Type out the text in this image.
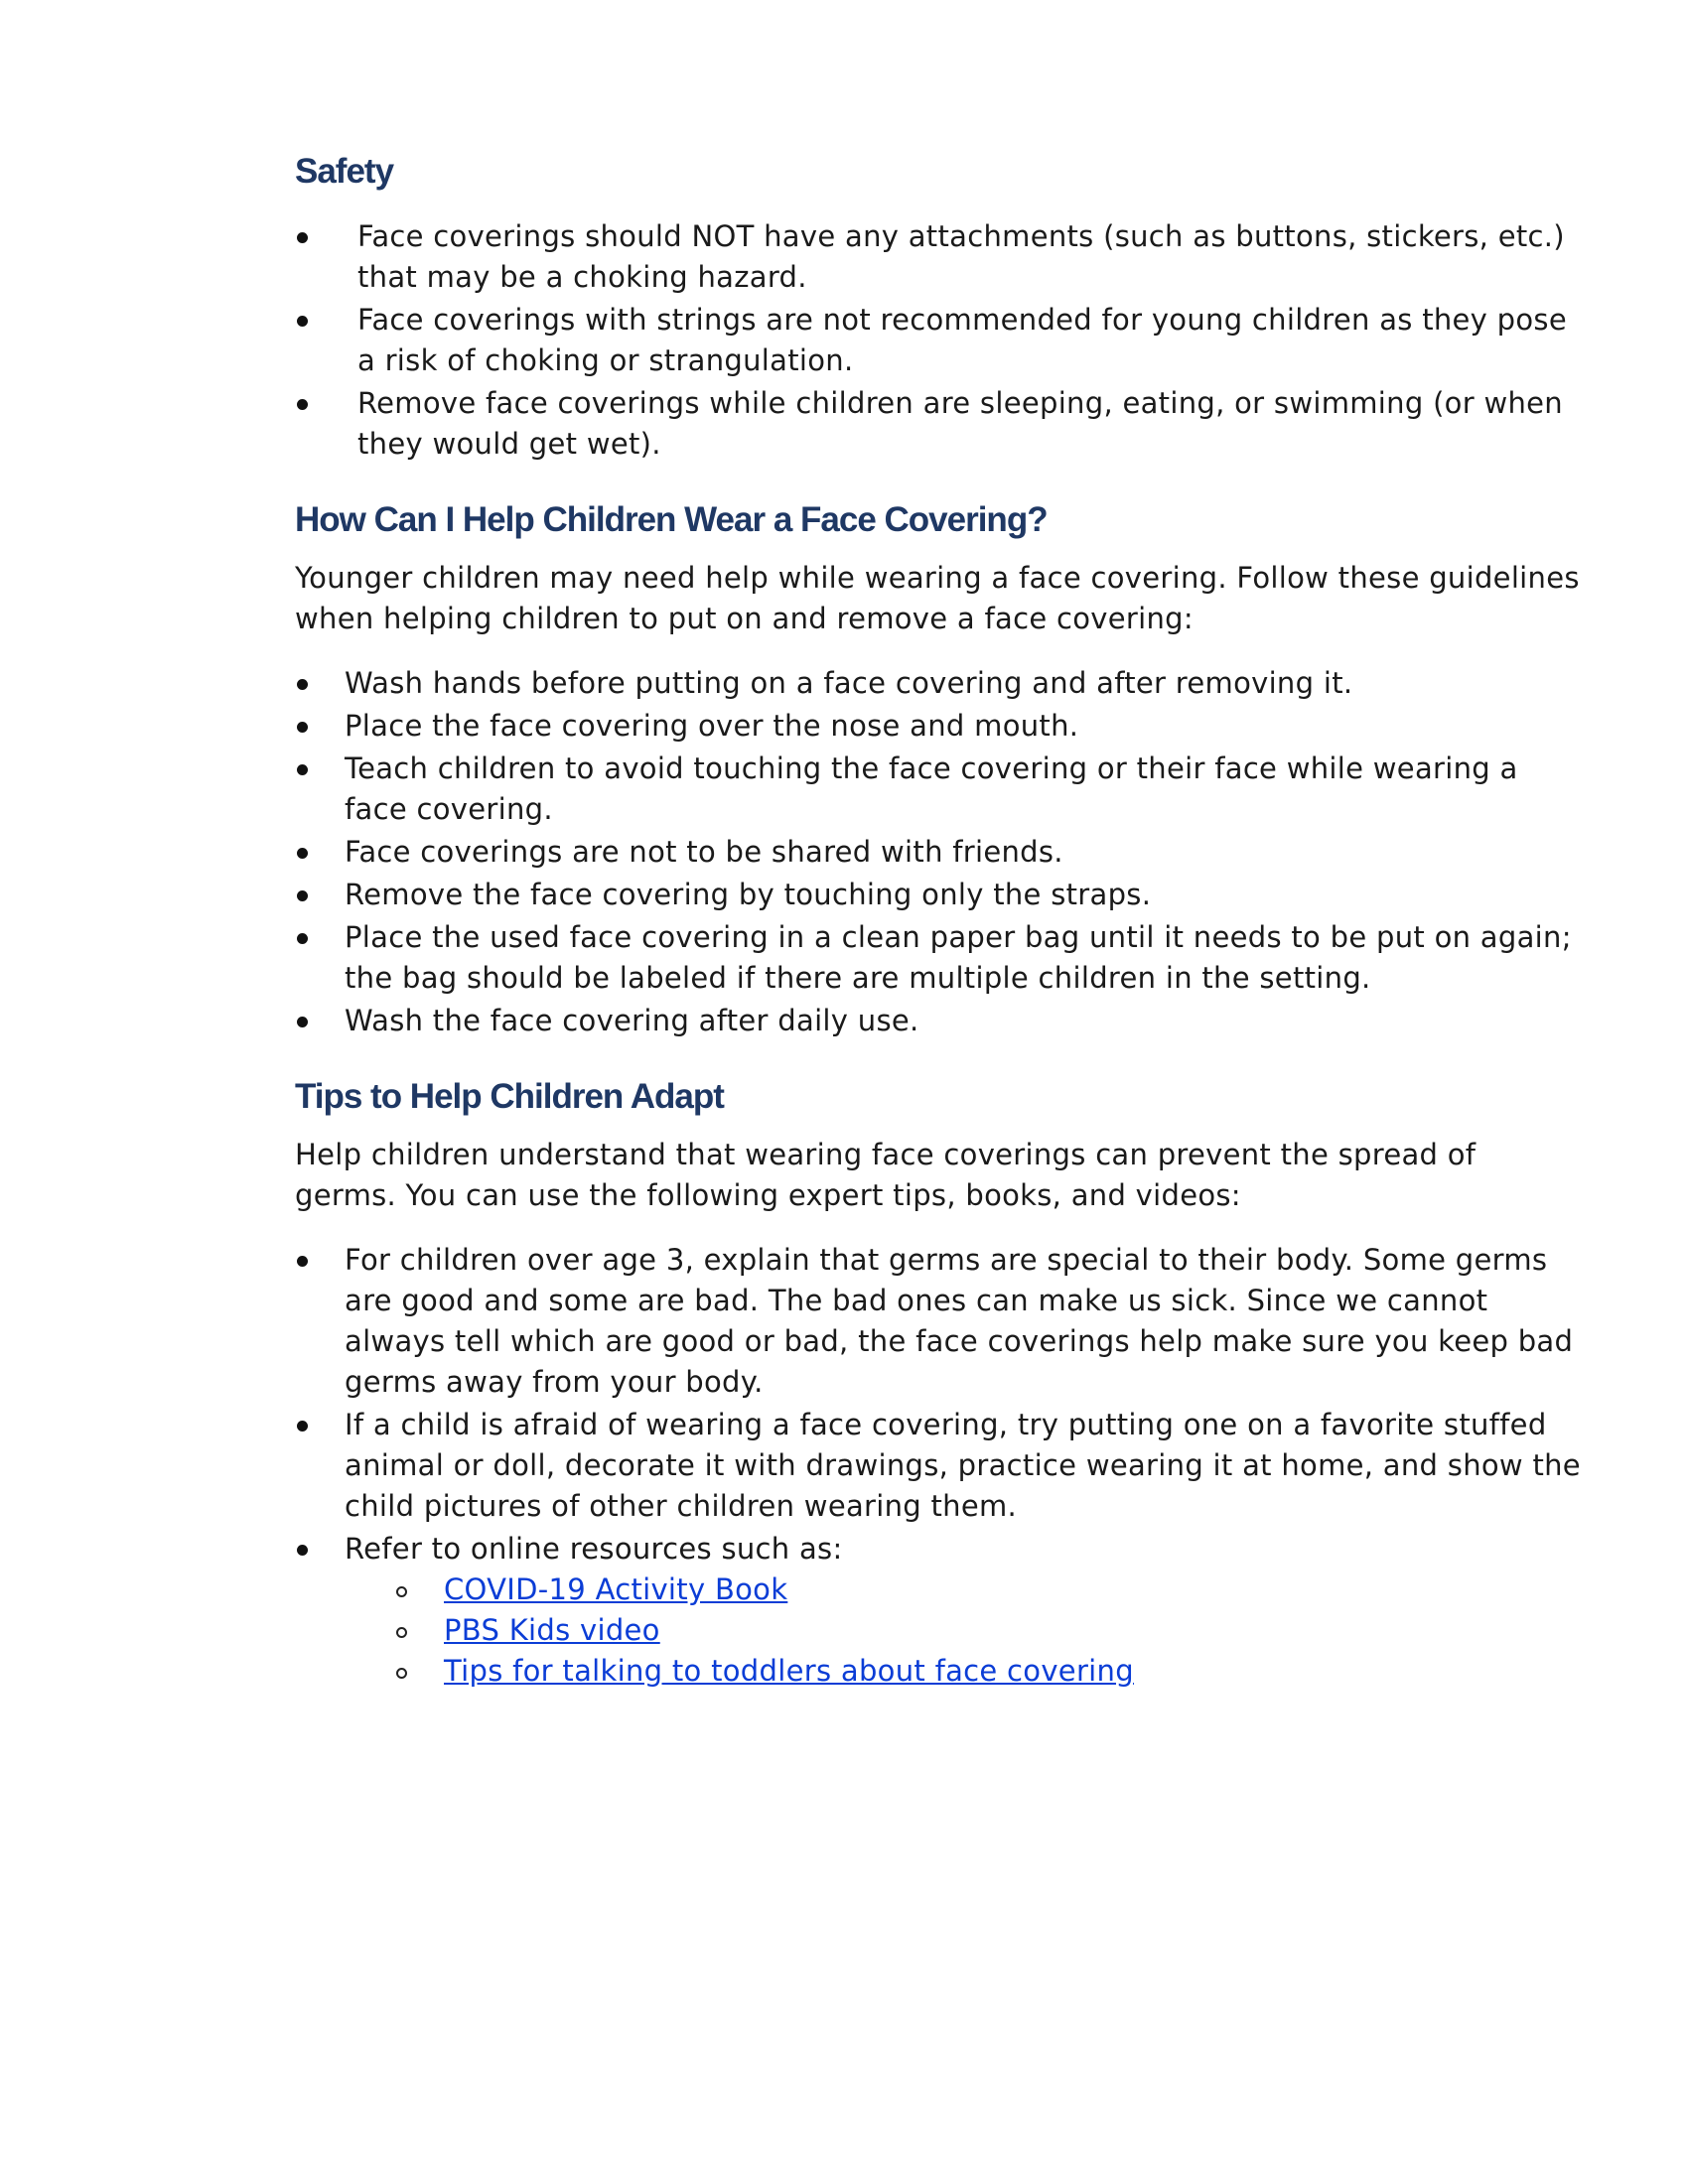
Safety
Face coverings should NOT have any attachments (such as buttons, stickers, etc.) that may be a choking hazard.
Face coverings with strings are not recommended for young children as they pose a risk of choking or strangulation.
Remove face coverings while children are sleeping, eating, or swimming (or when they would get wet).
How Can I Help Children Wear a Face Covering?

Younger children may need help while wearing a face covering. Follow these guidelines when helping children to put on and remove a face covering:

Wash hands before putting on a face covering and after removing it.
Place the face covering over the nose and mouth.
Teach children to avoid touching the face covering or their face while wearing a face covering.
Face coverings are not to be shared with friends.
Remove the face covering by touching only the straps.
Place the used face covering in a clean paper bag until it needs to be put on again; the bag should be labeled if there are multiple children in the setting.
Wash the face covering after daily use.
Tips to Help Children Adapt

Help children understand that wearing face coverings can prevent the spread of germs. You can use the following expert tips, books, and videos:

For children over age 3, explain that germs are special to their body. Some germs are good and some are bad. The bad ones can make us sick. Since we cannot always tell which are good or bad, the face coverings help make sure you keep bad germs away from your body.
If a child is afraid of wearing a face covering, try putting one on a favorite stuffed animal or doll, decorate it with drawings, practice wearing it at home, and show the child pictures of other children wearing them.
Refer to online resources such as:
COVID-19 Activity Book
PBS Kids video
Tips for talking to toddlers about face covering
